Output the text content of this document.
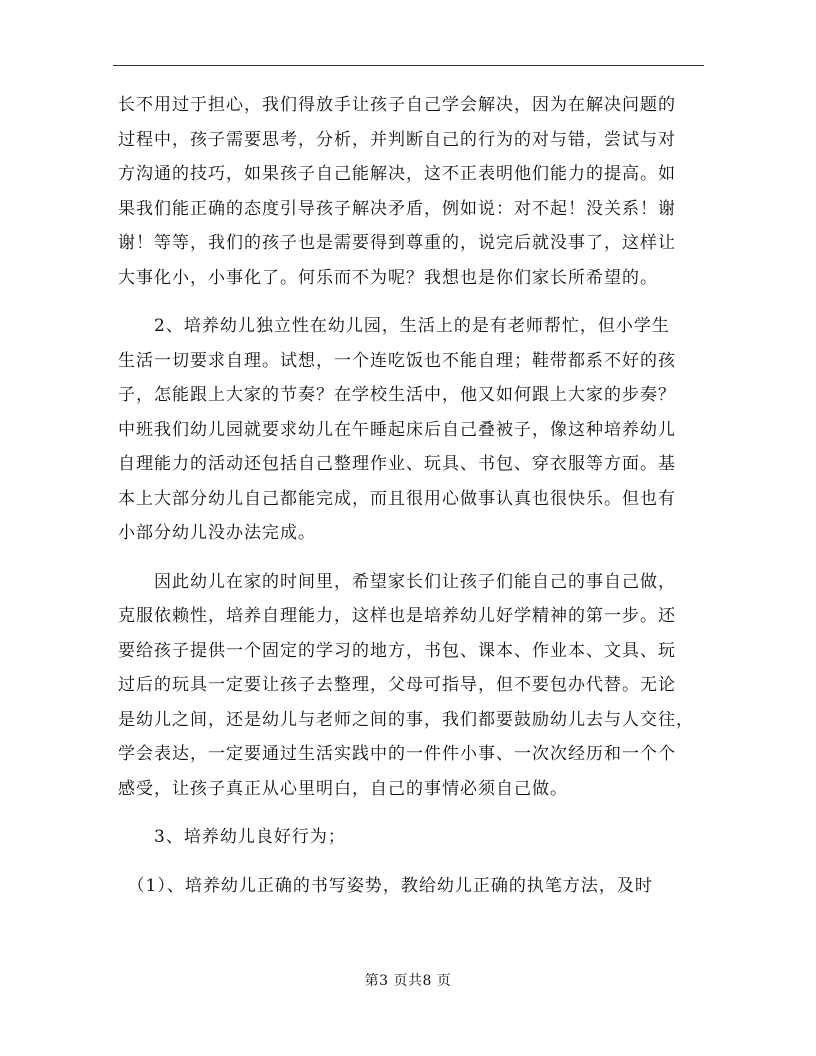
长不用过于担心，我们得放手让孩子自己学会解决，因为在解决问题的
过程中，孩子需要思考，分析，并判断自己的行为的对与错，尝试与对
方沟通的技巧，如果孩子自己能解决，这不正表明他们能力的提高。如
果我们能正确的态度引导孩子解决矛盾，例如说：对不起！没关系！谢
谢！等等，我们的孩子也是需要得到尊重的，说完后就没事了，这样让
大事化小，小事化了。何乐而不为呢？我想也是你们家长所希望的。
　　2、培养幼儿独立性在幼儿园，生活上的是有老师帮忙，但小学生
生活一切要求自理。试想，一个连吃饭也不能自理；鞋带都系不好的孩
子，怎能跟上大家的节奏？在学校生活中，他又如何跟上大家的步奏？
中班我们幼儿园就要求幼儿在午睡起床后自己叠被子，像这种培养幼儿
自理能力的活动还包括自己整理作业、玩具、书包、穿衣服等方面。基
本上大部分幼儿自己都能完成，而且很用心做事认真也很快乐。但也有
小部分幼儿没办法完成。
　　因此幼儿在家的时间里，希望家长们让孩子们能自己的事自己做，
克服依赖性，培养自理能力，这样也是培养幼儿好学精神的第一步。还
要给孩子提供一个固定的学习的地方，书包、课本、作业本、文具、玩
过后的玩具一定要让孩子去整理，父母可指导，但不要包办代替。无论
是幼儿之间，还是幼儿与老师之间的事，我们都要鼓励幼儿去与人交往，
学会表达，一定要通过生活实践中的一件件小事、一次次经历和一个个
感受，让孩子真正从心里明白，自己的事情必须自己做。
　　3、培养幼儿良好行为；
　（1）、培养幼儿正确的书写姿势，教给幼儿正确的执笔方法，及时
第3 页共8 页
